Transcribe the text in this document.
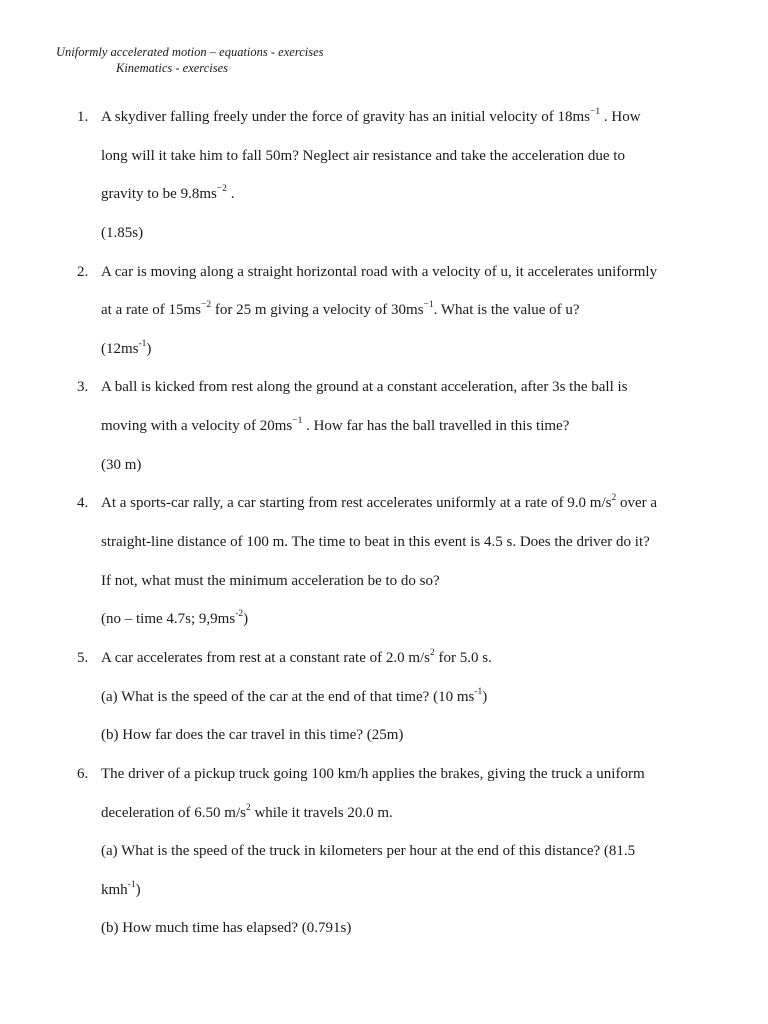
Uniformly accelerated motion – equations - exercises
Kinematics - exercises
1. A skydiver falling freely under the force of gravity has an initial velocity of $18ms^{-1}$ . How
long will it take him to fall 50m? Neglect air resistance and take the acceleration due to
gravity to be $9.8ms^{-2}$ .
(1.85s)
2. A car is moving along a straight horizontal road with a velocity of u, it accelerates uniformly
at a rate of $15ms^{-2}$ for 25 m giving a velocity of $30ms^{-1}$. What is the value of u?
$(12ms^{-1})$
3. A ball is kicked from rest along the ground at a constant acceleration, after 3s the ball is
moving with a velocity of $20ms^{-1}$ . How far has the ball travelled in this time?
(30 m)
4. At a sports-car rally, a car starting from rest accelerates uniformly at a rate of 9.0 $m/s^2$ over a
straight-line distance of 100 m. The time to beat in this event is 4.5 s. Does the driver do it?
If not, what must the minimum acceleration be to do so?
(no – time 4.7s; $9,9ms^{-2}$)
5. A car accelerates from rest at a constant rate of 2.0 $m/s^2$ for 5.0 s.
(a) What is the speed of the car at the end of that time? (10 $ms^{-1}$)
(b) How far does the car travel in this time? (25m)
6. The driver of a pickup truck going 100 km/h applies the brakes, giving the truck a uniform
deceleration of 6.50 $m/s^2$ while it travels 20.0 m.
(a) What is the speed of the truck in kilometers per hour at the end of this distance? (81.5
kmh$^{-1}$)
(b) How much time has elapsed? (0.791s)
